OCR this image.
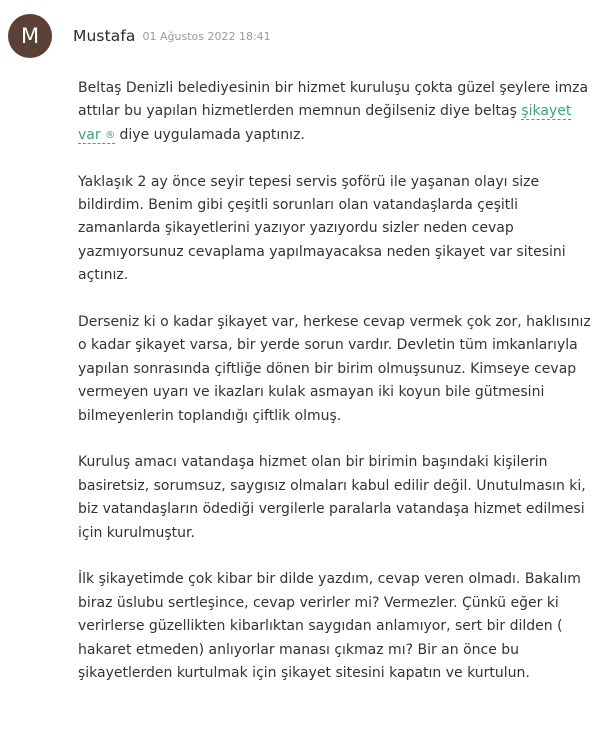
M	Mustafa 01 Ağustos 2022 18:41

Beltaş Denizli belediyesinin bir hizmet kuruluşu çokta güzel şeylere imza attılar bu yapılan hizmetlerden memnun değilseniz diye beltaş şikayet var ® diye uygulamada yaptınız.

Yaklaşık 2 ay önce seyir tepesi servis şoförü ile yaşanan olayı size bildirdim. Benim gibi çeşitli sorunları olan vatandaşlarda çeşitli zamanlarda şikayetlerini yazıyor yazıyordu sizler neden cevap yazmıyorsunuz cevaplama yapılmayacaksa neden şikayet var sitesini açtınız.

Derseniz ki o kadar şikayet var, herkese cevap vermek çok zor, haklısınız o kadar şikayet varsa, bir yerde sorun vardır. Devletin tüm imkanlarıyla yapılan sonrasında çiftliğe dönen bir birim olmuşsunuz. Kimseye cevap vermeyen uyarı ve ikazları kulak asmayan iki koyun bile gütmesini bilmeyenlerin toplandığı çiftlik olmuş.

Kuruluş amacı vatandaşa hizmet olan bir birimin başındaki kişilerin basiretsiz, sorumsuz, saygısız olmaları kabul edilir değil. Unutulmasın ki, biz vatandaşların ödediği vergilerle paralarla vatandaşa hizmet edilmesi için kurulmuştur.

İlk şikayetimde çok kibar bir dilde yazdım, cevap veren olmadı. Bakalım biraz üslubu sertleşince, cevap verirler mi? Vermezler. Çünkü eğer ki verirlerse güzellikten kibarlıktan saygıdan anlamıyor, sert bir dilden ( hakaret etmeden) anlıyorlar manası çıkmaz mı? Bir an önce bu şikayetlerden kurtulmak için şikayet sitesini kapatın ve kurtulun.
